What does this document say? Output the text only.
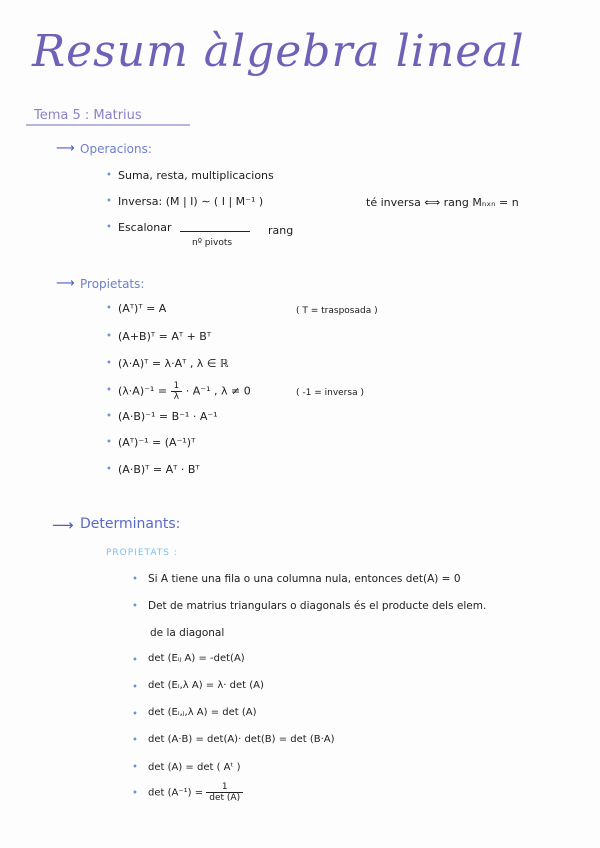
Resum àlgebra lineal
Tema 5 : Matrius
⟶ Operacions:
• Suma, resta, multiplicacions
• Inversa: (M | I) ∼ ( I | M⁻¹ )	té inversa ⟺ rang Mₙₓₙ = n
• Escalonar	rang
nº pivots
⟶ Propietats:
• (Aᵀ)ᵀ = A	( T = trasposada )
• (A+B)ᵀ = Aᵀ + Bᵀ
• (λ·A)ᵀ = λ·Aᵀ , λ ∈ ℝ
• $(\lambda\cdot A)^{-1} = \frac{1}{\lambda} \cdot A^{-1}$ , λ ≠ 0	( -1 = inversa )
• (A·B)⁻¹ = B⁻¹ · A⁻¹
• (Aᵀ)⁻¹ = (A⁻¹)ᵀ
• (A·B)ᵀ = Aᵀ · Bᵀ
⟶ Determinants:
PROPIETATS :
• Si A tiene una fila o una columna nula, entonces det(A) = 0
• Det de matrius triangulars o diagonals és el producte dels elem.
de la diagonal
• det (Eᵢⱼ A) = -det(A)
• det (Eᵢ,λ A) = λ· det (A)
• det (Eᵢ,ⱼ,λ A) = det (A)
• det (A·B) = det(A)· det(B) = det (B·A)
• det (A) = det ( Aᵗ )
• $\det (A^{-1}) = \frac{1}{\det (A)}$
